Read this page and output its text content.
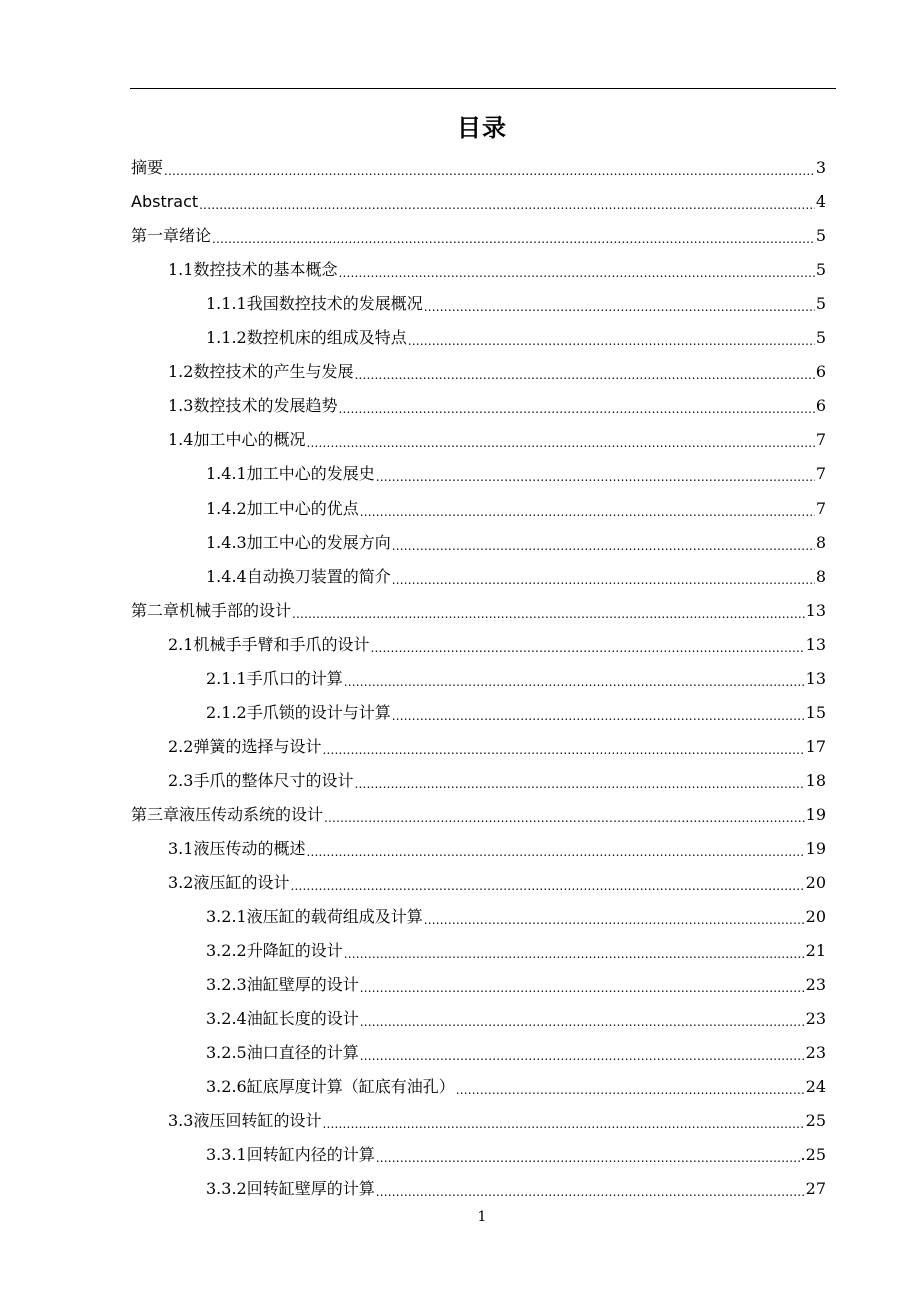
目录
摘要 .....	3
Abstract .....	4
第一章 绪论 .....	5
1.1 数控技术的基本概念 .....	5
1.1.1 我国数控技术的发展概况 .....	5
1.1.2 数控机床的组成及特点 .....	5
1.2 数控技术的产生与发展 .....	6
1.3 数控技术的发展趋势 .....	6
1.4 加工中心的概况 .....	7
1.4.1 加工中心的发展史 .....	7
1.4.2 加工中心的优点 .....	7
1.4.3 加工中心的发展方向 .....	8
1.4.4 自动换刀装置的简介 .....	8
第二章 机械手部的设计 .....	13
2.1 机械手手臂和手爪的设计 .....	13
2.1.1 手爪口的计算 .....	13
2.1.2 手爪锁的设计与计算 .....	15
2.2 弹簧的选择与设计 .....	17
2.3 手爪的整体尺寸的设计 .....	18
第三章 液压传动系统的设计 .....	19
3.1 液压传动的概述 .....	19
3.2 液压缸的设计 .....	20
3.2.1 液压缸的载荷组成及计算 .....	20
3.2.2 升降缸的设计 .....	21
3.2.3 油缸壁厚的设计 .....	23
3.2.4 油缸长度的设计 .....	23
3.2.5 油口直径的计算 .....	23
3.2.6 缸底厚度计算（缸底有油孔） .....	24
3.3 液压回转缸的设计 .....	25
3.3.1 回转缸内径的计算 .....	.25
3.3.2 回转缸壁厚的计算 .....	27
1
